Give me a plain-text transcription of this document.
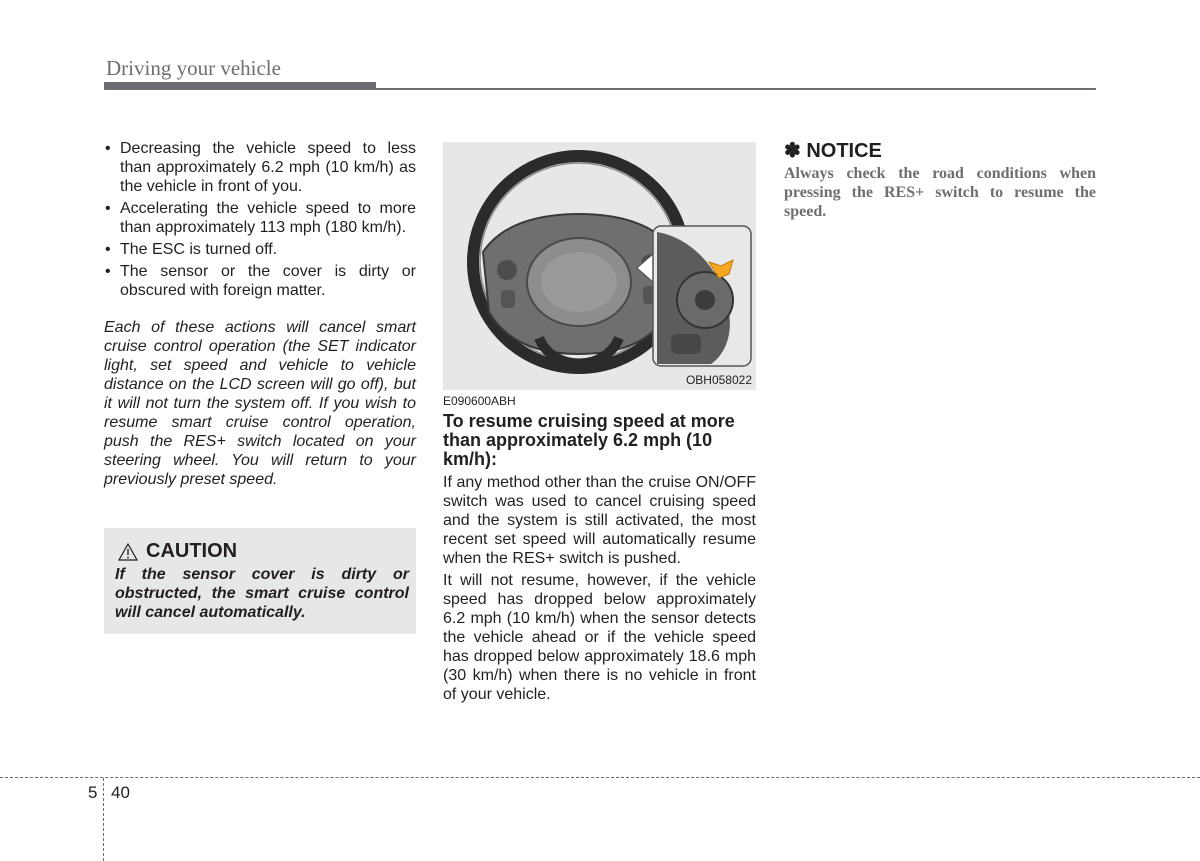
Driving your vehicle
• Decreasing the vehicle speed to less than approximately 6.2 mph (10 km/h) as the vehicle in front of you.
• Accelerating the vehicle speed to more than approximately 113 mph (180 km/h).
• The ESC is turned off.
• The sensor or the cover is dirty or obscured with foreign matter.
Each of these actions will cancel smart cruise control operation (the SET indicator light, set speed and vehicle to vehicle distance on the LCD screen will go off), but it will not turn the system off. If you wish to resume smart cruise control operation, push the RES+ switch located on your steering wheel. You will return to your previously preset speed.
CAUTION
If the sensor cover is dirty or obstructed, the smart cruise control will cancel automatically.
OBH058022
E090600ABH
To resume cruising speed at more than approximately 6.2 mph (10 km/h):

If any method other than the cruise ON/OFF switch was used to cancel cruising speed and the system is still activated, the most recent set speed will automatically resume when the RES+ switch is pushed.

It will not resume, however, if the vehicle speed has dropped below approximately 6.2 mph (10 km/h) when the sensor detects the vehicle ahead or if the vehicle speed has dropped below approximately 18.6 mph (30 km/h) when there is no vehicle in front of your vehicle.

✽ NOTICE
Always check the road conditions when pressing the RES+ switch to resume the speed.
5 40
